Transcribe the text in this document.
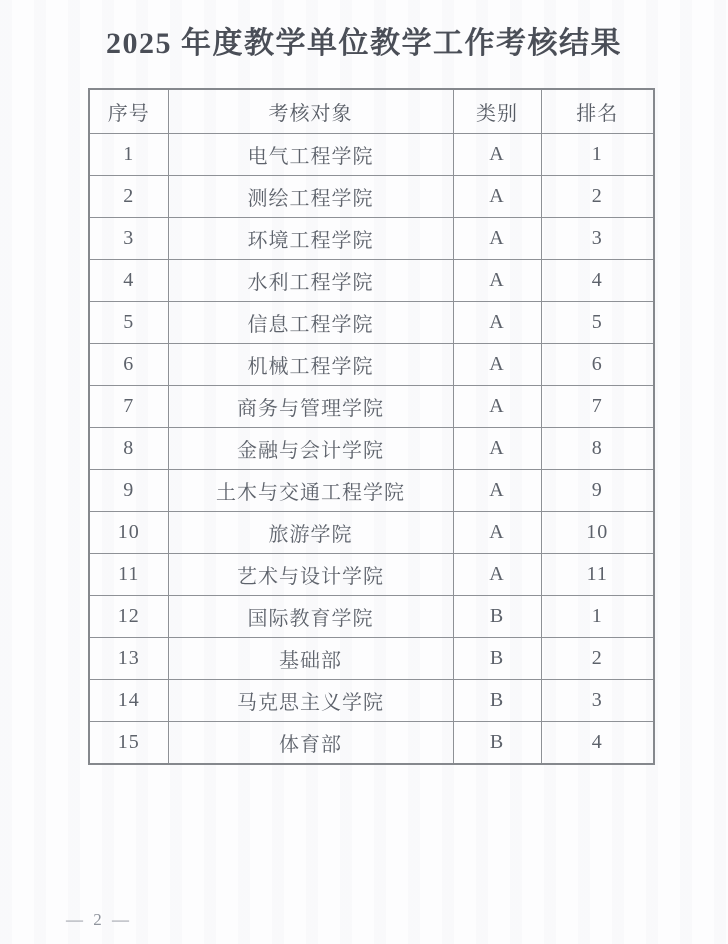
2025 年度教学单位教学工作考核结果
序号	考核对象	类别	排名
1	电气工程学院	A	1
2	测绘工程学院	A	2
3	环境工程学院	A	3
4	水利工程学院	A	4
5	信息工程学院	A	5
6	机械工程学院	A	6
7	商务与管理学院	A	7
8	金融与会计学院	A	8
9	土木与交通工程学院	A	9
10	旅游学院	A	10
11	艺术与设计学院	A	11
12	国际教育学院	B	1
13	基础部	B	2
14	马克思主义学院	B	3
15	体育部	B	4
— 2 —
